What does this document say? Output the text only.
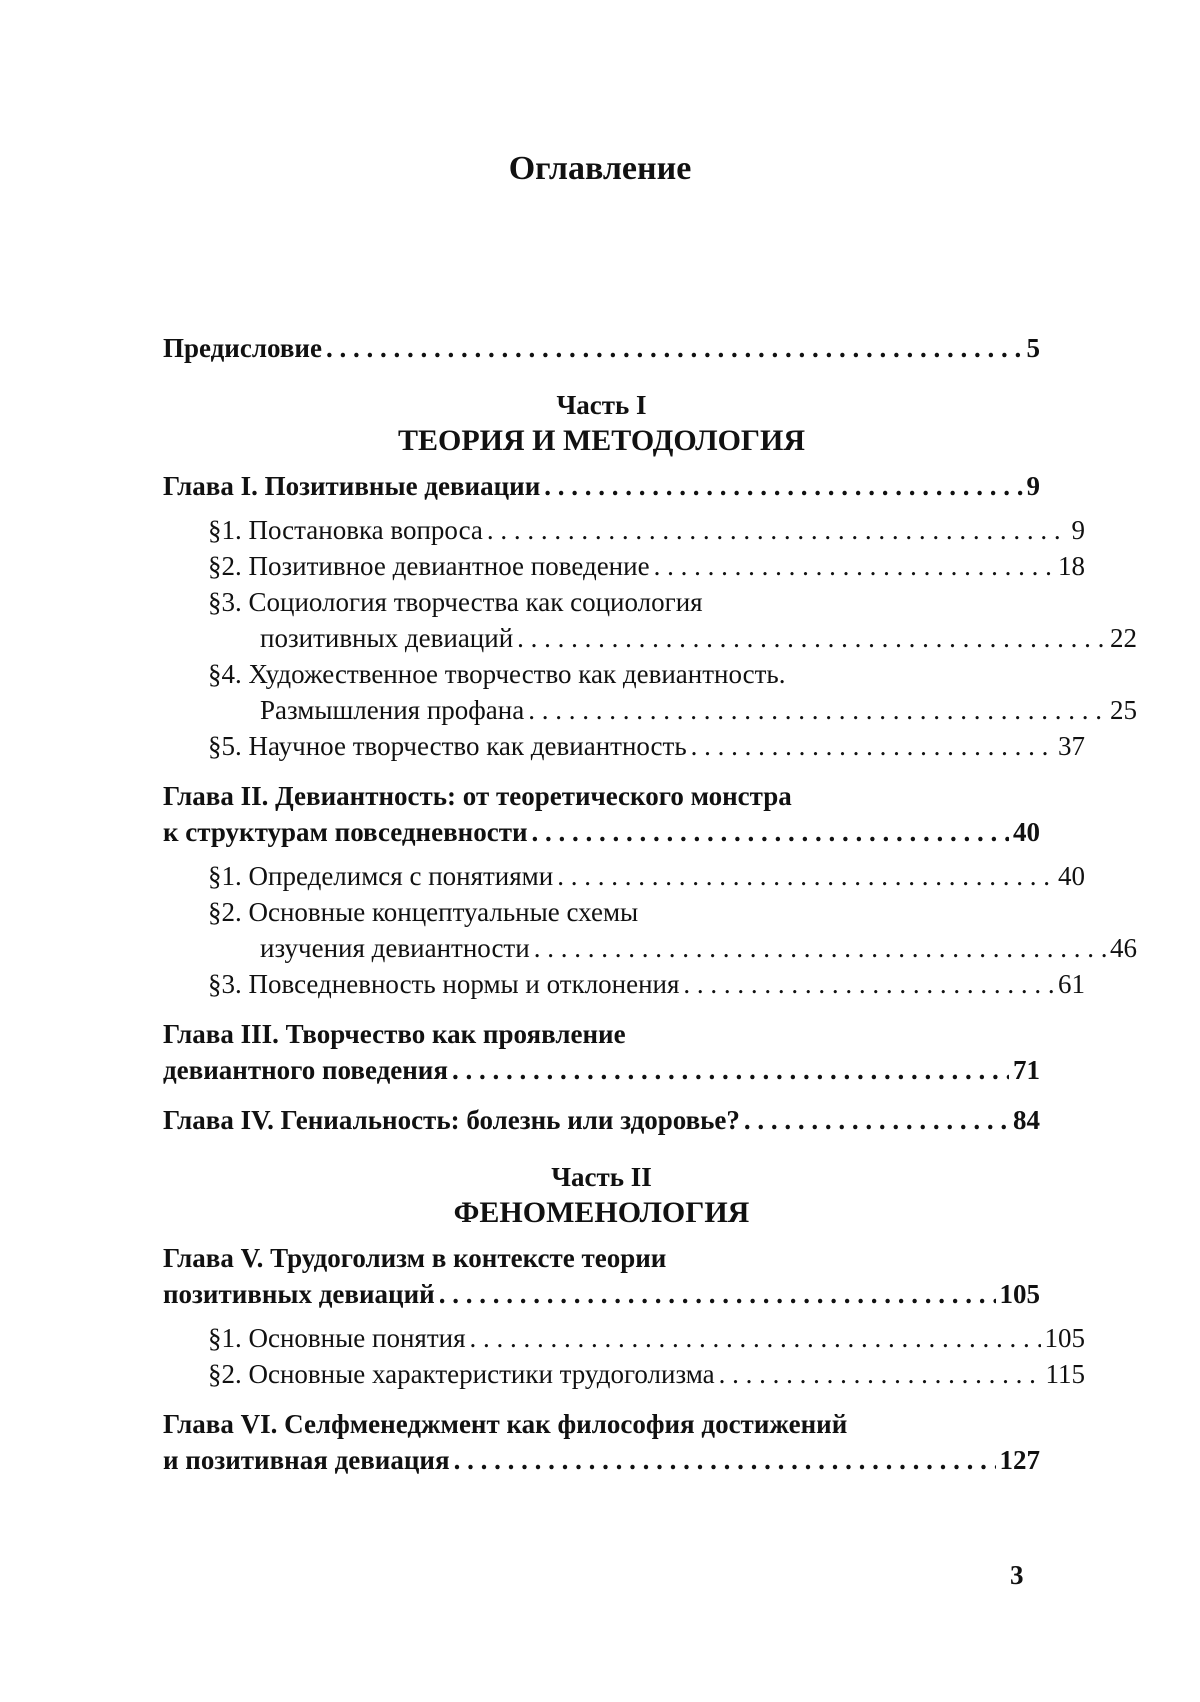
Оглавление
Предисловие
. . .	5
Часть I
ТЕОРИЯ И МЕТОДОЛОГИЯ
Глава I. Позитивные девиации
. . .	9
§1. Постановка вопроса
. . .	9
§2. Позитивное девиантное поведение
. . .	18
§3. Социология творчества как социология
позитивных девиаций
. . .	22
§4. Художественное творчество как девиантность.
Размышления профана
. . .	25
§5. Научное творчество как девиантность
. . .	37
Глава II. Девиантность: от теоретического монстра
к структурам повседневности
. . .	40
§1. Определимся с понятиями
. . .	40
§2. Основные концептуальные схемы
изучения девиантности
. . .	46
§3. Повседневность нормы и отклонения
. . .	61
Глава III. Творчество как проявление
девиантного поведения
. . .	71
Глава IV. Гениальность: болезнь или здоровье?
. . .	84
Часть II
ФЕНОМЕНОЛОГИЯ
Глава V. Трудоголизм в контексте теории
позитивных девиаций
. . .	105
§1. Основные понятия
. . .	105
§2. Основные характеристики трудоголизма
. . .	115
Глава VI. Селфменеджмент как философия достижений
и позитивная девиация
. . .	127
3
